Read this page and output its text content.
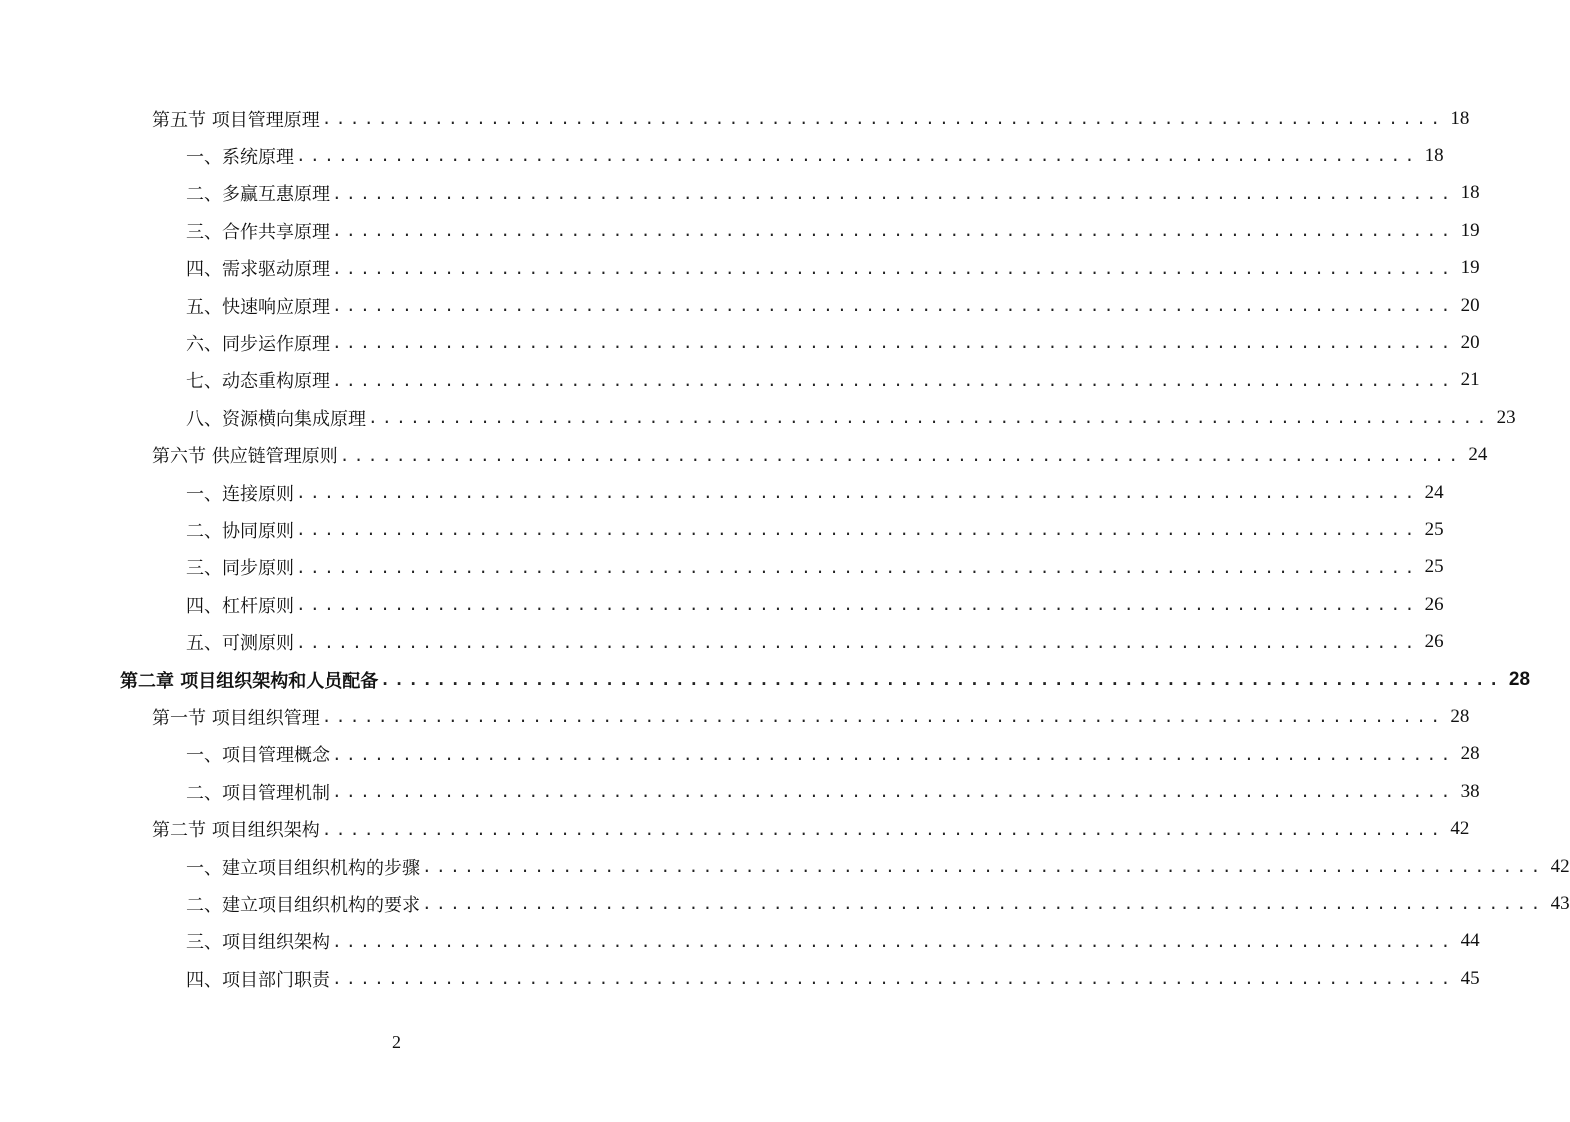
第五节 项目管理原理 ................................................................................ 18
一、系统原理 ................................................................................ 18
二、多赢互惠原理 ................................................................................ 18
三、合作共享原理 ................................................................................ 19
四、需求驱动原理 ................................................................................ 19
五、快速响应原理 ................................................................................ 20
六、同步运作原理 ................................................................................ 20
七、动态重构原理 ................................................................................ 21
八、资源横向集成原理 ................................................................................ 23
第六节 供应链管理原则 ................................................................................ 24
一、连接原则 ................................................................................ 24
二、协同原则 ................................................................................ 25
三、同步原则 ................................................................................ 25
四、杠杆原则 ................................................................................ 26
五、可测原则 ................................................................................ 26
第二章 项目组织架构和人员配备 ................................................................................ 28
第一节 项目组织管理 ................................................................................ 28
一、项目管理概念 ................................................................................ 28
二、项目管理机制 ................................................................................ 38
第二节 项目组织架构 ................................................................................ 42
一、建立项目组织机构的步骤 ................................................................................ 42
二、建立项目组织机构的要求 ................................................................................ 43
三、项目组织架构 ................................................................................ 44
四、项目部门职责 ................................................................................ 45
2
